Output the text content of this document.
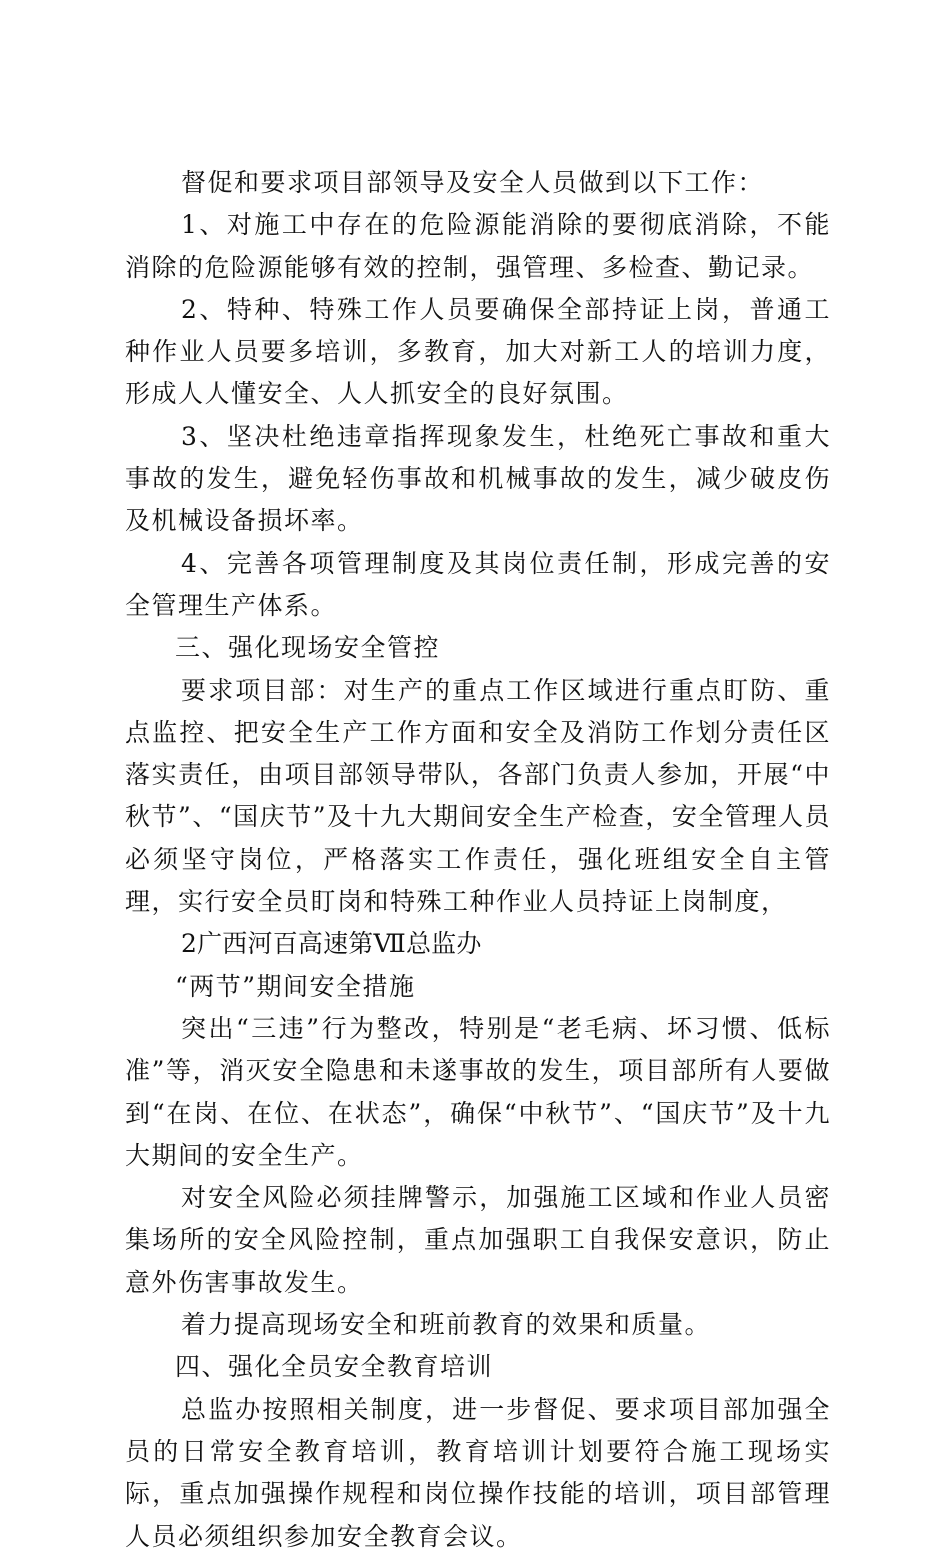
督促和要求项目部领导及安全人员做到以下工作：

1、对施工中存在的危险源能消除的要彻底消除，不能消除的危险源能够有效的控制，强管理、多检查、勤记录。

2、特种、特殊工作人员要确保全部持证上岗，普通工种作业人员要多培训，多教育，加大对新工人的培训力度，形成人人懂安全、人人抓安全的良好氛围。

3、坚决杜绝违章指挥现象发生，杜绝死亡事故和重大事故的发生，避免轻伤事故和机械事故的发生，减少破皮伤及机械设备损坏率。

4、完善各项管理制度及其岗位责任制，形成完善的安全管理生产体系。

三、强化现场安全管控

要求项目部：对生产的重点工作区域进行重点盯防、重点监控、把安全生产工作方面和安全及消防工作划分责任区落实责任，由项目部领导带队，各部门负责人参加，开展“中秋节”、“国庆节”及十九大期间安全生产检查，安全管理人员必须坚守岗位，严格落实工作责任，强化班组安全自主管理，实行安全员盯岗和特殊工种作业人员持证上岗制度，

2广西河百高速第Ⅶ总监办

“两节”期间安全措施

突出“三违”行为整改，特别是“老毛病、坏习惯、低标准”等，消灭安全隐患和未遂事故的发生，项目部所有人要做到“在岗、在位、在状态”，确保“中秋节”、“国庆节”及十九大期间的安全生产。

对安全风险必须挂牌警示，加强施工区域和作业人员密集场所的安全风险控制，重点加强职工自我保安意识，防止意外伤害事故发生。

着力提高现场安全和班前教育的效果和质量。

四、强化全员安全教育培训

总监办按照相关制度，进一步督促、要求项目部加强全员的日常安全教育培训，教育培训计划要符合施工现场实际，重点加强操作规程和岗位操作技能的培训，项目部管理人员必须组织参加安全教育会议。
